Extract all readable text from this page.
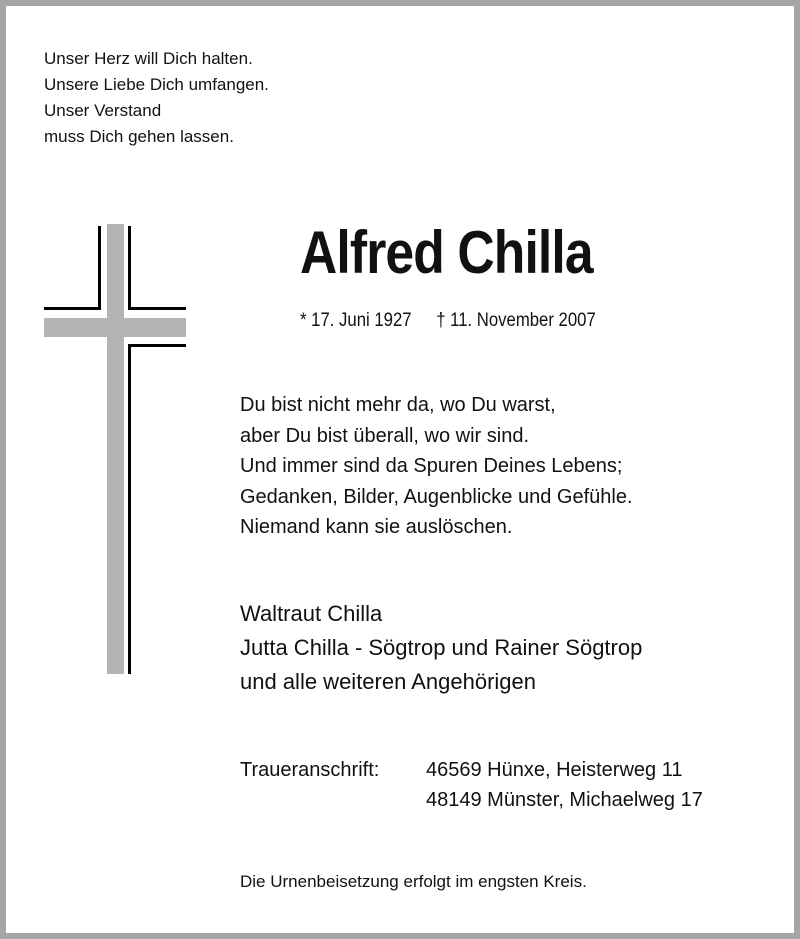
Unser Herz will Dich halten.
Unsere Liebe Dich umfangen.
Unser Verstand
muss Dich gehen lassen.
Alfred Chilla
* 17. Juni 1927 † 11. November 2007
Du bist nicht mehr da, wo Du warst,
aber Du bist überall, wo wir sind.
Und immer sind da Spuren Deines Lebens;
Gedanken, Bilder, Augenblicke und Gefühle.
Niemand kann sie auslöschen.
Waltraut Chilla
Jutta Chilla - Sögtrop und Rainer Sögtrop
und alle weiteren Angehörigen
Traueranschrift: 46569 Hünxe, Heisterweg 11
48149 Münster, Michaelweg 17
Die Urnenbeisetzung erfolgt im engsten Kreis.
